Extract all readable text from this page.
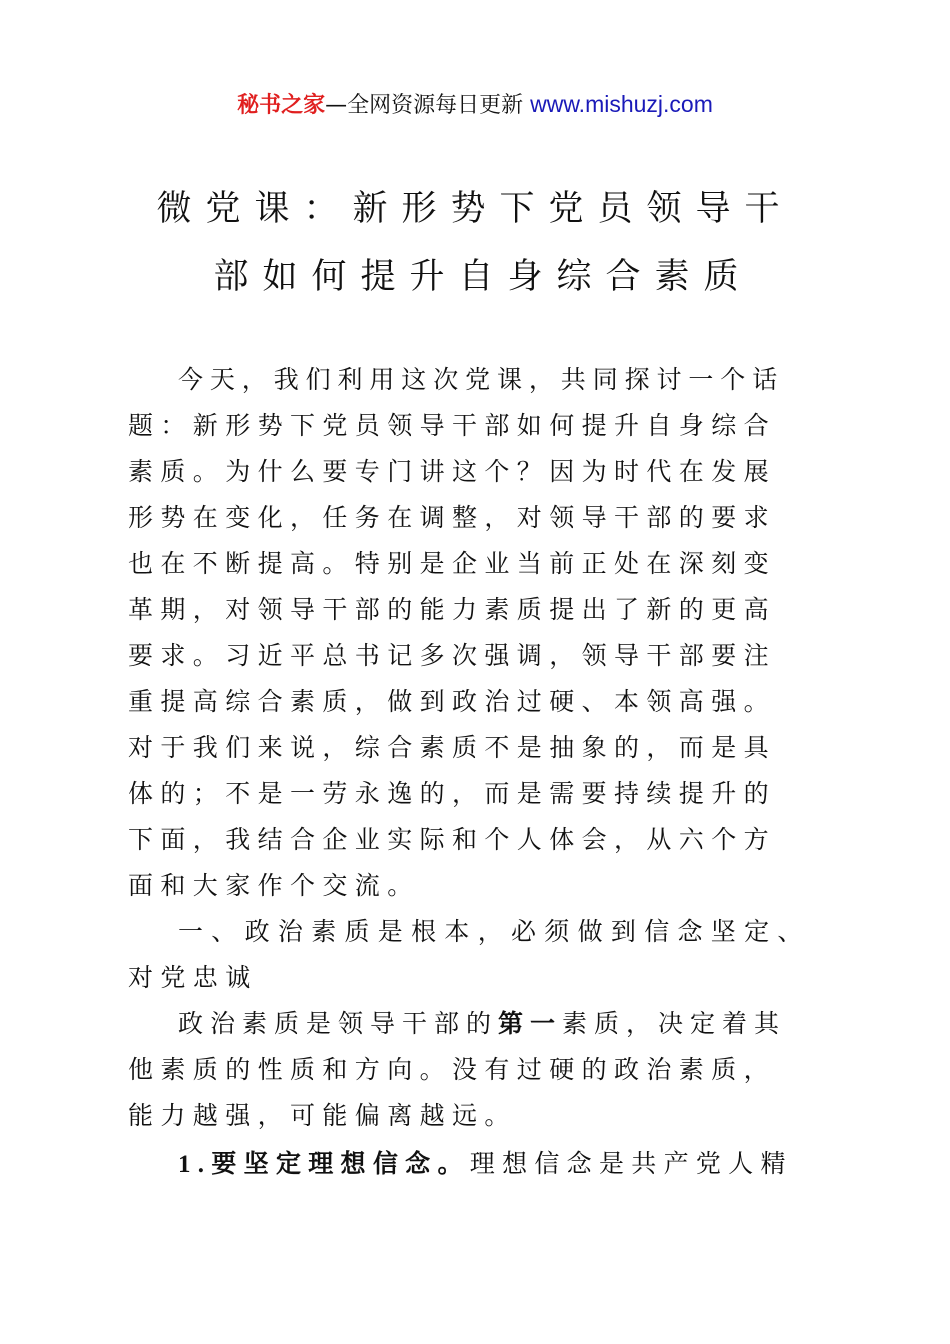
秘书之家—全网资源每日更新 www.mishuzj.com
微党课：新形势下党员领导干
部如何提升自身综合素质
今天，我们利用这次党课，共同探讨一个话
题：新形势下党员领导干部如何提升自身综合
素质。为什么要专门讲这个？因为时代在发展
形势在变化，任务在调整，对领导干部的要求
也在不断提高。特别是企业当前正处在深刻变
革期，对领导干部的能力素质提出了新的更高
要求。习近平总书记多次强调，领导干部要注
重提高综合素质，做到政治过硬、本领高强。
对于我们来说，综合素质不是抽象的，而是具
体的；不是一劳永逸的，而是需要持续提升的
下面，我结合企业实际和个人体会，从六个方
面和大家作个交流。
一、政治素质是根本，必须做到信念坚定、
对党忠诚
政治素质是领导干部的第一素质，决定着其
他素质的性质和方向。没有过硬的政治素质，
能力越强，可能偏离越远。
1.要坚定理想信念。理想信念是共产党人精
